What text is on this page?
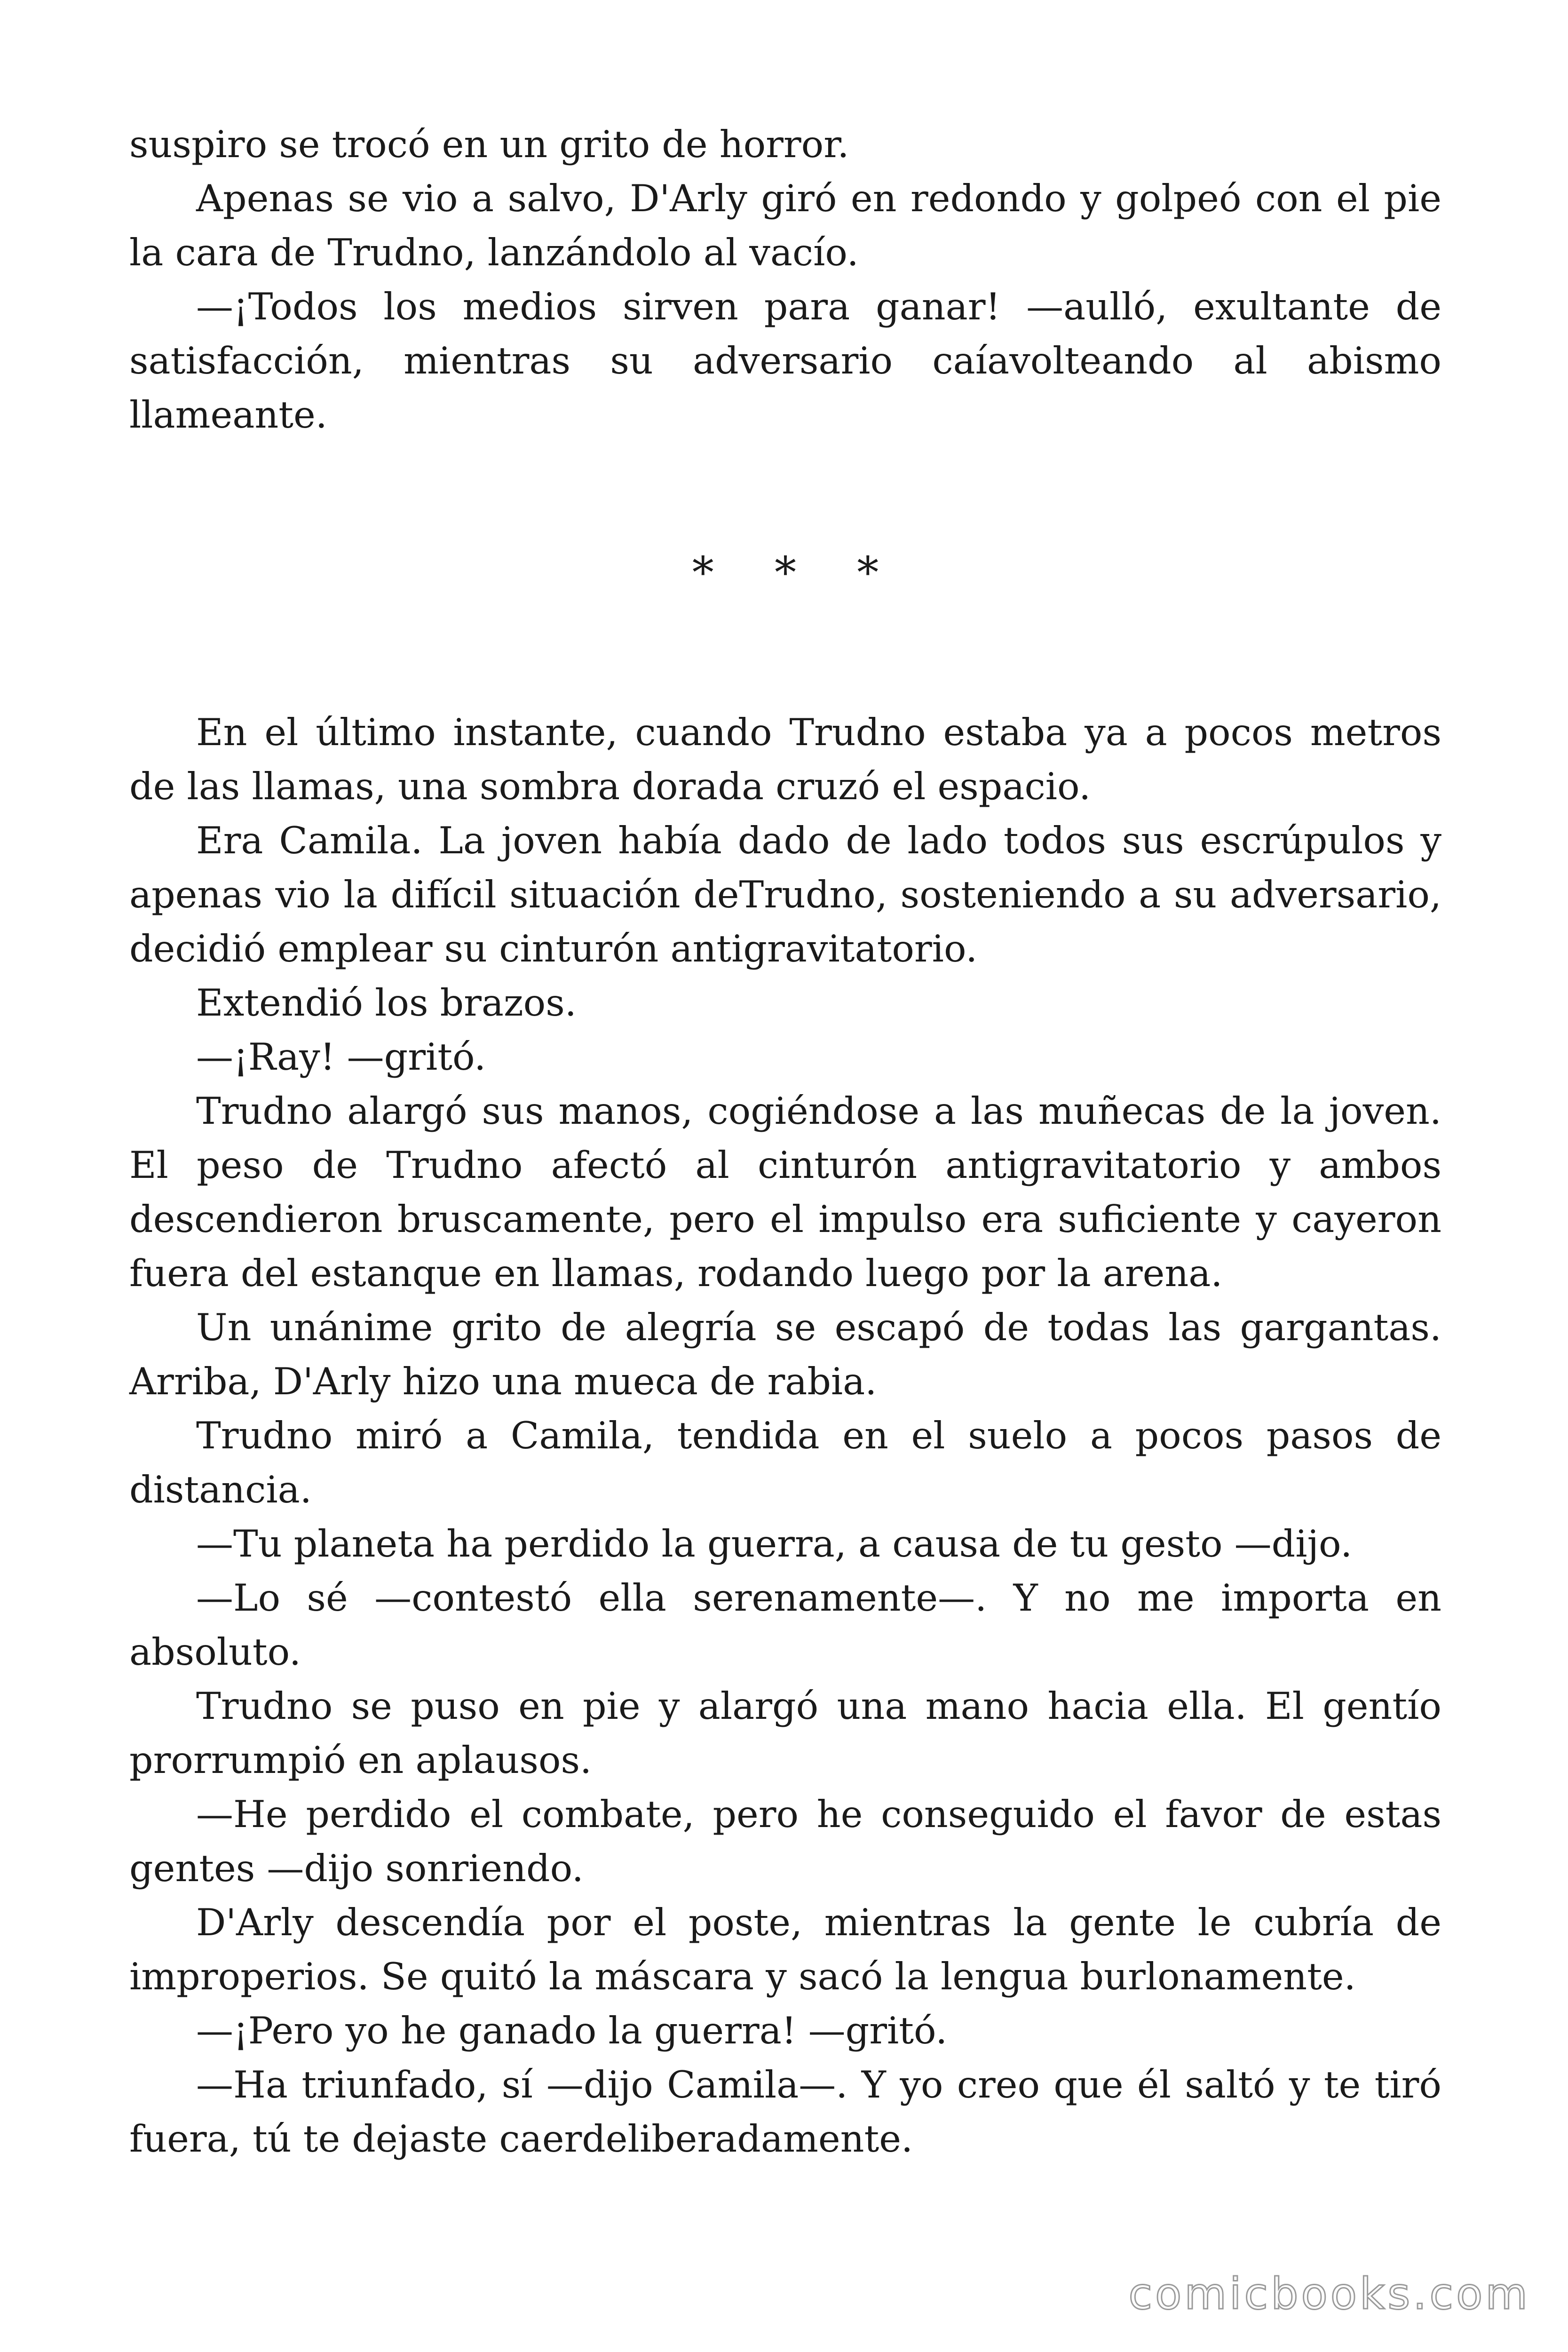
suspiro se trocó en un grito de horror.

Apenas se vio a salvo, D'Arly giró en redondo y golpeó con el pie la cara de Trudno, lanzándolo al vacío.

—¡Todos los medios sirven para ganar! —aulló, exultante de satisfacción, mientras su adversario caíavolteando al abismo llameante.

* * *

En el último instante, cuando Trudno estaba ya a pocos metros de las llamas, una sombra dorada cruzó el espacio.

Era Camila. La joven había dado de lado todos sus escrúpulos y apenas vio la difícil situación deTrudno, sosteniendo a su adversario, decidió emplear su cinturón antigravitatorio.

Extendió los brazos.

—¡Ray! —gritó.

Trudno alargó sus manos, cogiéndose a las muñecas de la joven. El peso de Trudno afectó al cinturón antigravitatorio y ambos descendieron bruscamente, pero el impulso era suficiente y cayeron fuera del estanque en llamas, rodando luego por la arena.

Un unánime grito de alegría se escapó de todas las gargantas. Arriba, D'Arly hizo una mueca de rabia.

Trudno miró a Camila, tendida en el suelo a pocos pasos de distancia.

—Tu planeta ha perdido la guerra, a causa de tu gesto —dijo.

—Lo sé —contestó ella serenamente—. Y no me importa en absoluto.

Trudno se puso en pie y alargó una mano hacia ella. El gentío prorrumpió en aplausos.

—He perdido el combate, pero he conseguido el favor de estas gentes —dijo sonriendo.

D'Arly descendía por el poste, mientras la gente le cubría de improperios. Se quitó la máscara y sacó la lengua burlonamente.

—¡Pero yo he ganado la guerra! —gritó.

—Ha triunfado, sí —dijo Camila—. Y yo creo que él saltó y te tiró fuera, tú te dejaste caerdeliberadamente.

comicbooks.com
